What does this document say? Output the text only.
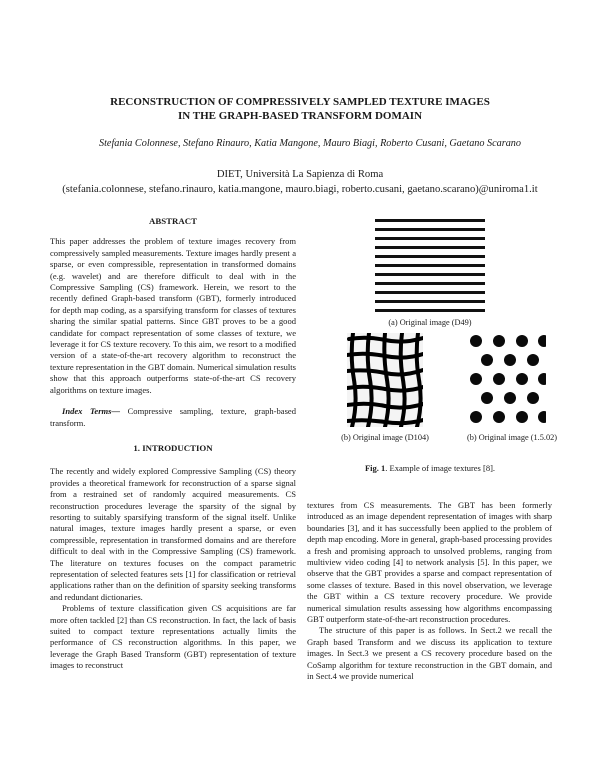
RECONSTRUCTION OF COMPRESSIVELY SAMPLED TEXTURE IMAGES
IN THE GRAPH-BASED TRANSFORM DOMAIN
Stefania Colonnese, Stefano Rinauro, Katia Mangone, Mauro Biagi, Roberto Cusani, Gaetano Scarano
DIET, Università La Sapienza di Roma
(stefania.colonnese, stefano.rinauro, katia.mangone, mauro.biagi, roberto.cusani, gaetano.scarano)@uniroma1.it
ABSTRACT

This paper addresses the problem of texture images recovery from compressively sampled measurements. Texture images hardly present a sparse, or even compressible, representation in transformed domains (e.g. wavelet) and are therefore difficult to deal with in the Compressive Sampling (CS) framework. Herein, we resort to the recently defined Graph-based transform (GBT), formerly introduced for depth map coding, as a sparsifying transform for classes of textures sharing the similar spatial patterns. Since GBT proves to be a good candidate for compact representation of some classes of texture, we leverage it for CS texture recovery. To this aim, we resort to a modified version of a state-of-the-art recovery algorithm to reconstruct the texture representation in the GBT domain. Numerical simulation results show that this approach outperforms state-of-the-art CS recovery algorithms on texture images.

Index Terms— Compressive sampling, texture, graph-based transform.

1. INTRODUCTION

The recently and widely explored Compressive Sampling (CS) theory provides a theoretical framework for reconstruction of a sparse signal from a restrained set of randomly acquired measurements. CS reconstruction procedures leverage the sparsity of the signal by resorting to suitably sparsifying transform of the signal itself. Unlike natural images, texture images hardly present a sparse, or even compressible, representation in transformed domains and are therefore difficult to deal with in the Compressive Sampling (CS) framework. The literature on textures focuses on the compact parametric representation of selected features sets [1] for classification or retrieval applications rather than on the definition of sparsity seeking transforms and redundant dictionaries.

Problems of texture classification given CS acquisitions are far more often tackled [2] than CS reconstruction. In fact, the lack of basis suited to compact texture representations actually limits the performance of CS reconstruction algorithms. In this paper, we leverage the Graph Based Transform (GBT) representation of texture images to reconstruct

(a) Original image (D49)
(b) Original image (D104)	(b) Original image (1.5.02)
Fig. 1. Example of image textures [8].

textures from CS measurements. The GBT has been formerly introduced as an image dependent representation of images with sharp boundaries [3], and it has successfully been applied to the problem of depth map encoding. More in general, graph-based processing provides a fresh and promising approach to unsolved problems, ranging from multiview video coding [4] to network analysis [5]. In this paper, we observe that the GBT provides a sparse and compact representation of some classes of texture. Based in this novel observation, we leverage the GBT within a CS texture recovery procedure. We provide numerical simulation results assessing how algorithms encompassing GBT outperform state-of-the-art reconstruction procedures.

The structure of this paper is as follows. In Sect.2 we recall the Graph based Transform and we discuss its application to texture images. In Sect.3 we present a CS recovery procedure based on the CoSamp algorithm for texture reconstruction in the GBT domain, and in Sect.4 we provide numerical
